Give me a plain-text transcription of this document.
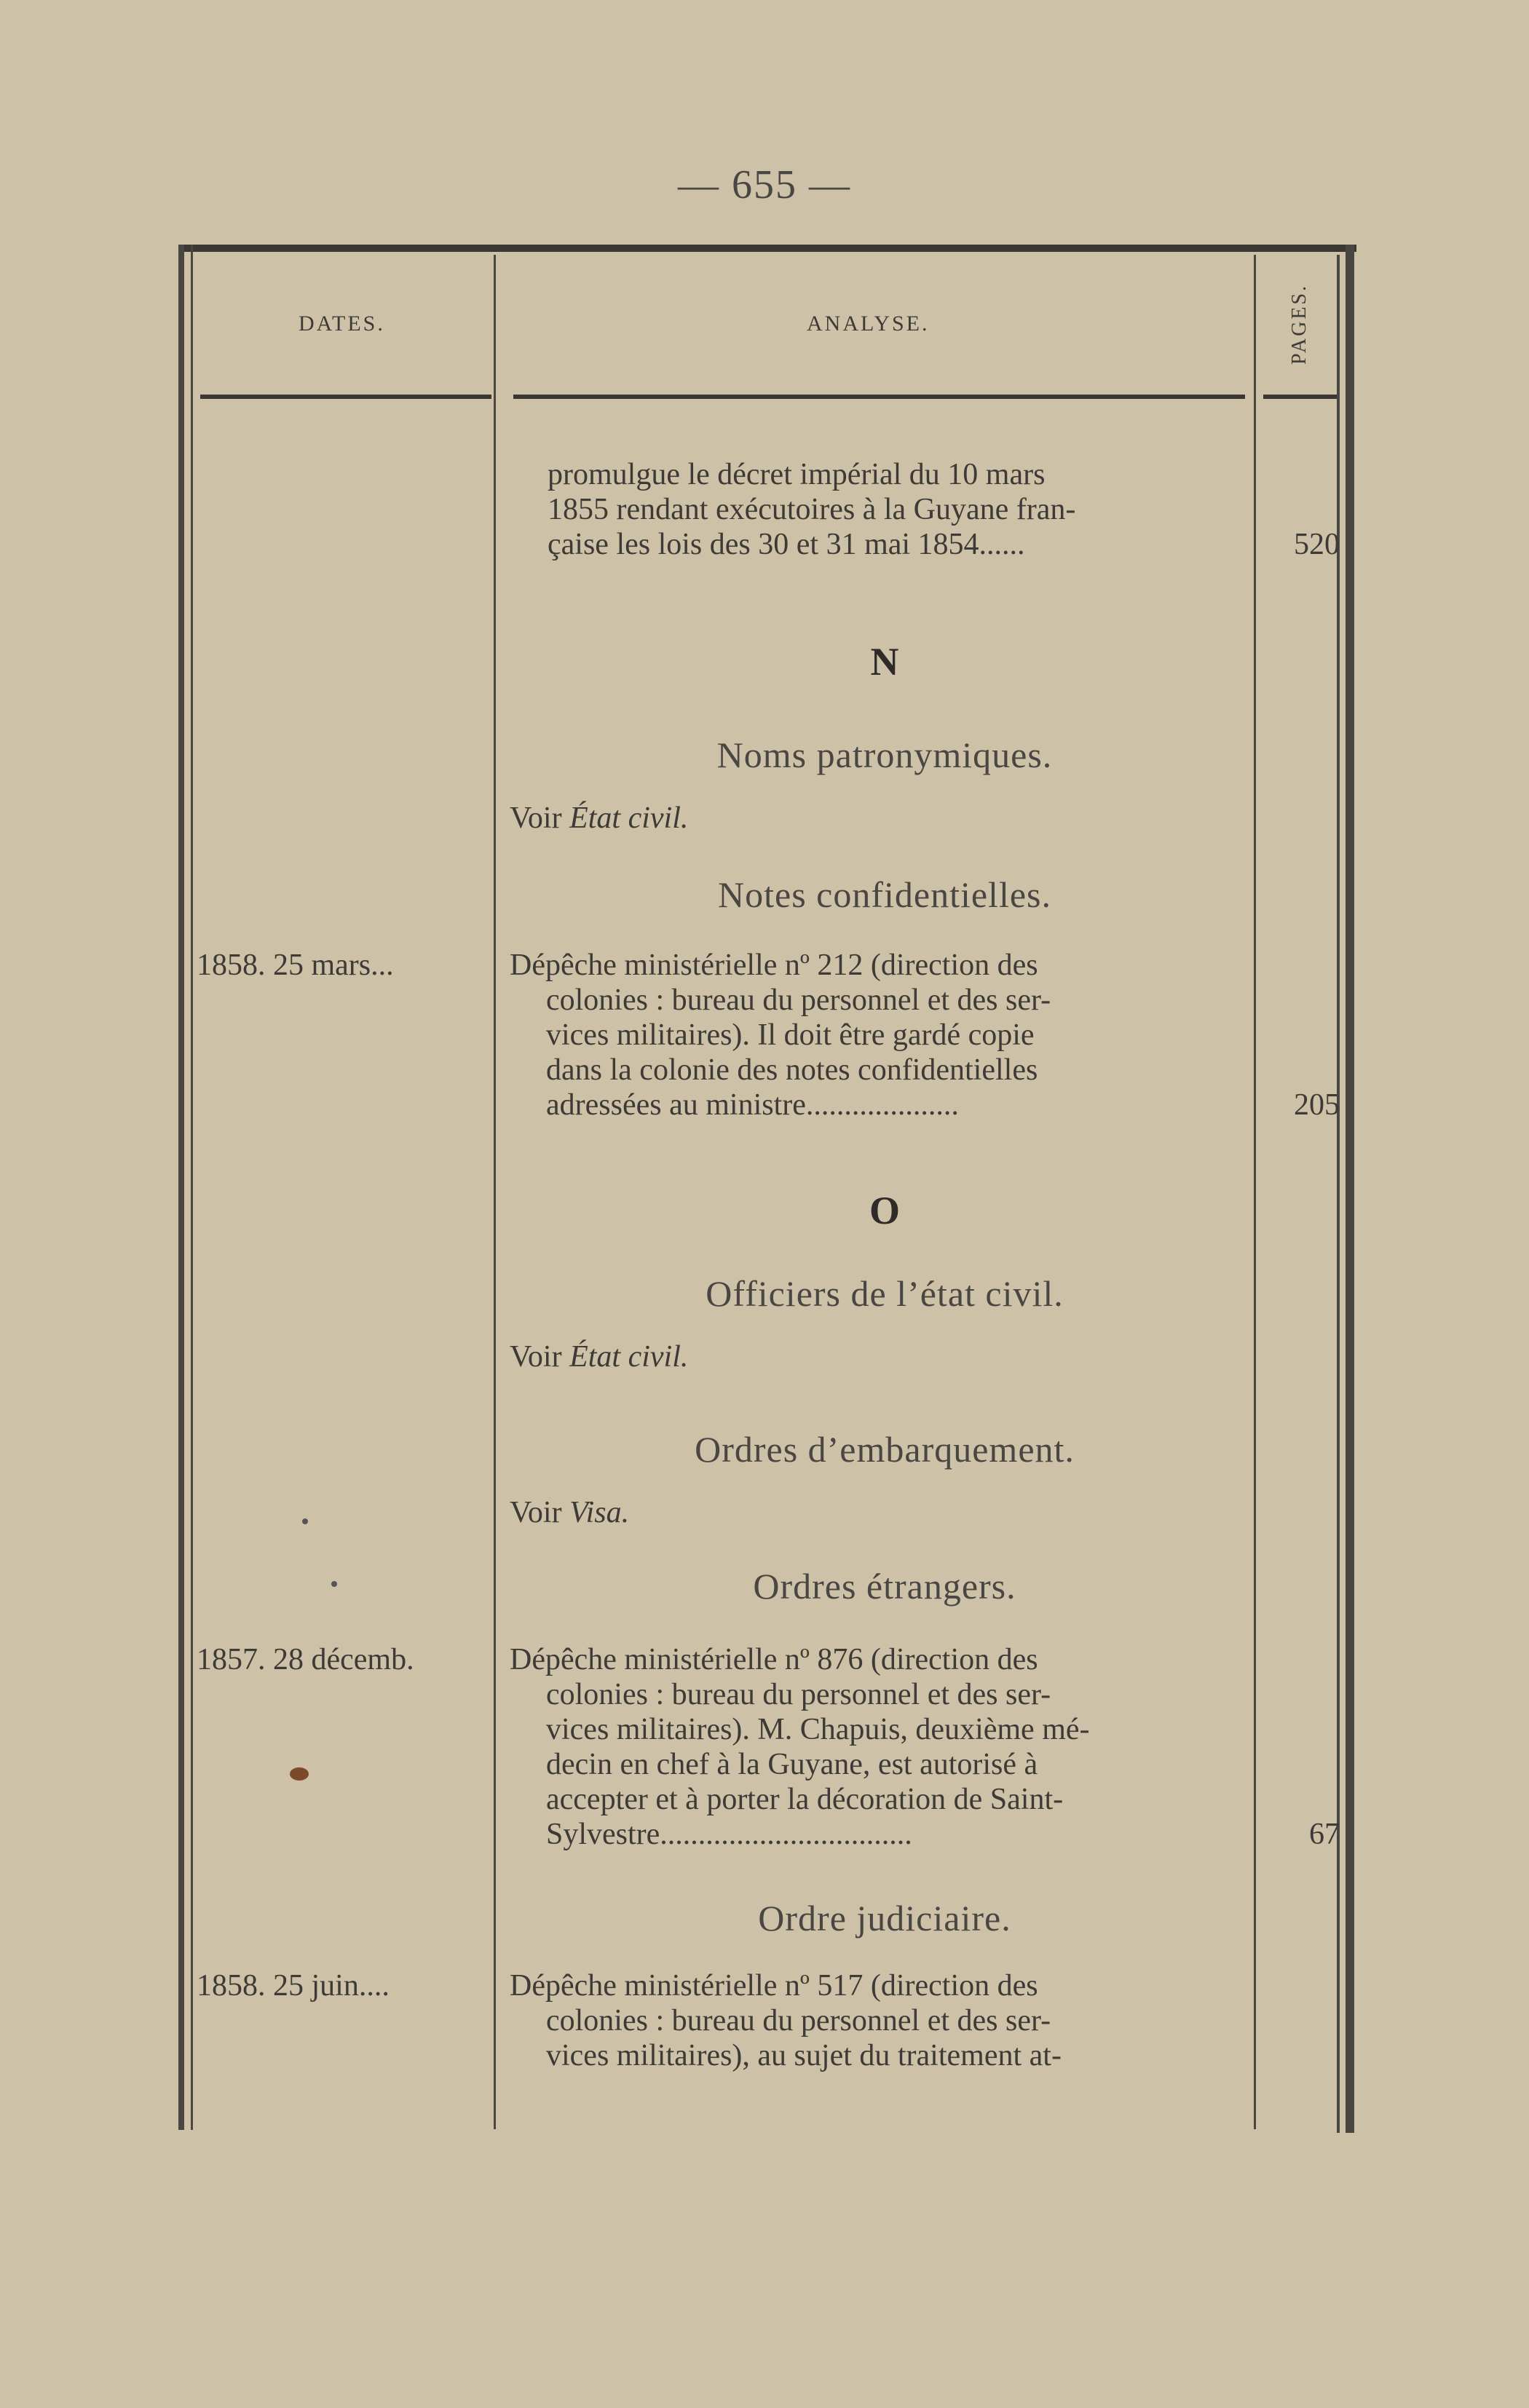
— 655 —
DATES.	ANALYSE.	PAGES.
promulgue le décret impérial du 10 mars
1855 rendant exécutoires à la Guyane fran-
çaise les lois des 30 et 31 mai 1854......	520
N
Noms patronymiques.
Voir État civil.
Notes confidentielles.
1858. 25 mars...	Dépêche ministérielle nº 212 (direction des
colonies : bureau du personnel et des ser-
vices militaires). Il doit être gardé copie
dans la colonie des notes confidentielles
adressées au ministre....................	205
O
Officiers de l’état civil.
Voir État civil.
Ordres d’embarquement.
Voir Visa.
Ordres étrangers.
1857. 28 décemb.	Dépêche ministérielle nº 876 (direction des
colonies : bureau du personnel et des ser-
vices militaires). M. Chapuis, deuxième mé-
decin en chef à la Guyane, est autorisé à
accepter et à porter la décoration de Saint-
Sylvestre.................................	67
Ordre judiciaire.
1858. 25 juin....	Dépêche ministérielle nº 517 (direction des
colonies : bureau du personnel et des ser-
vices militaires), au sujet du traitement at-
